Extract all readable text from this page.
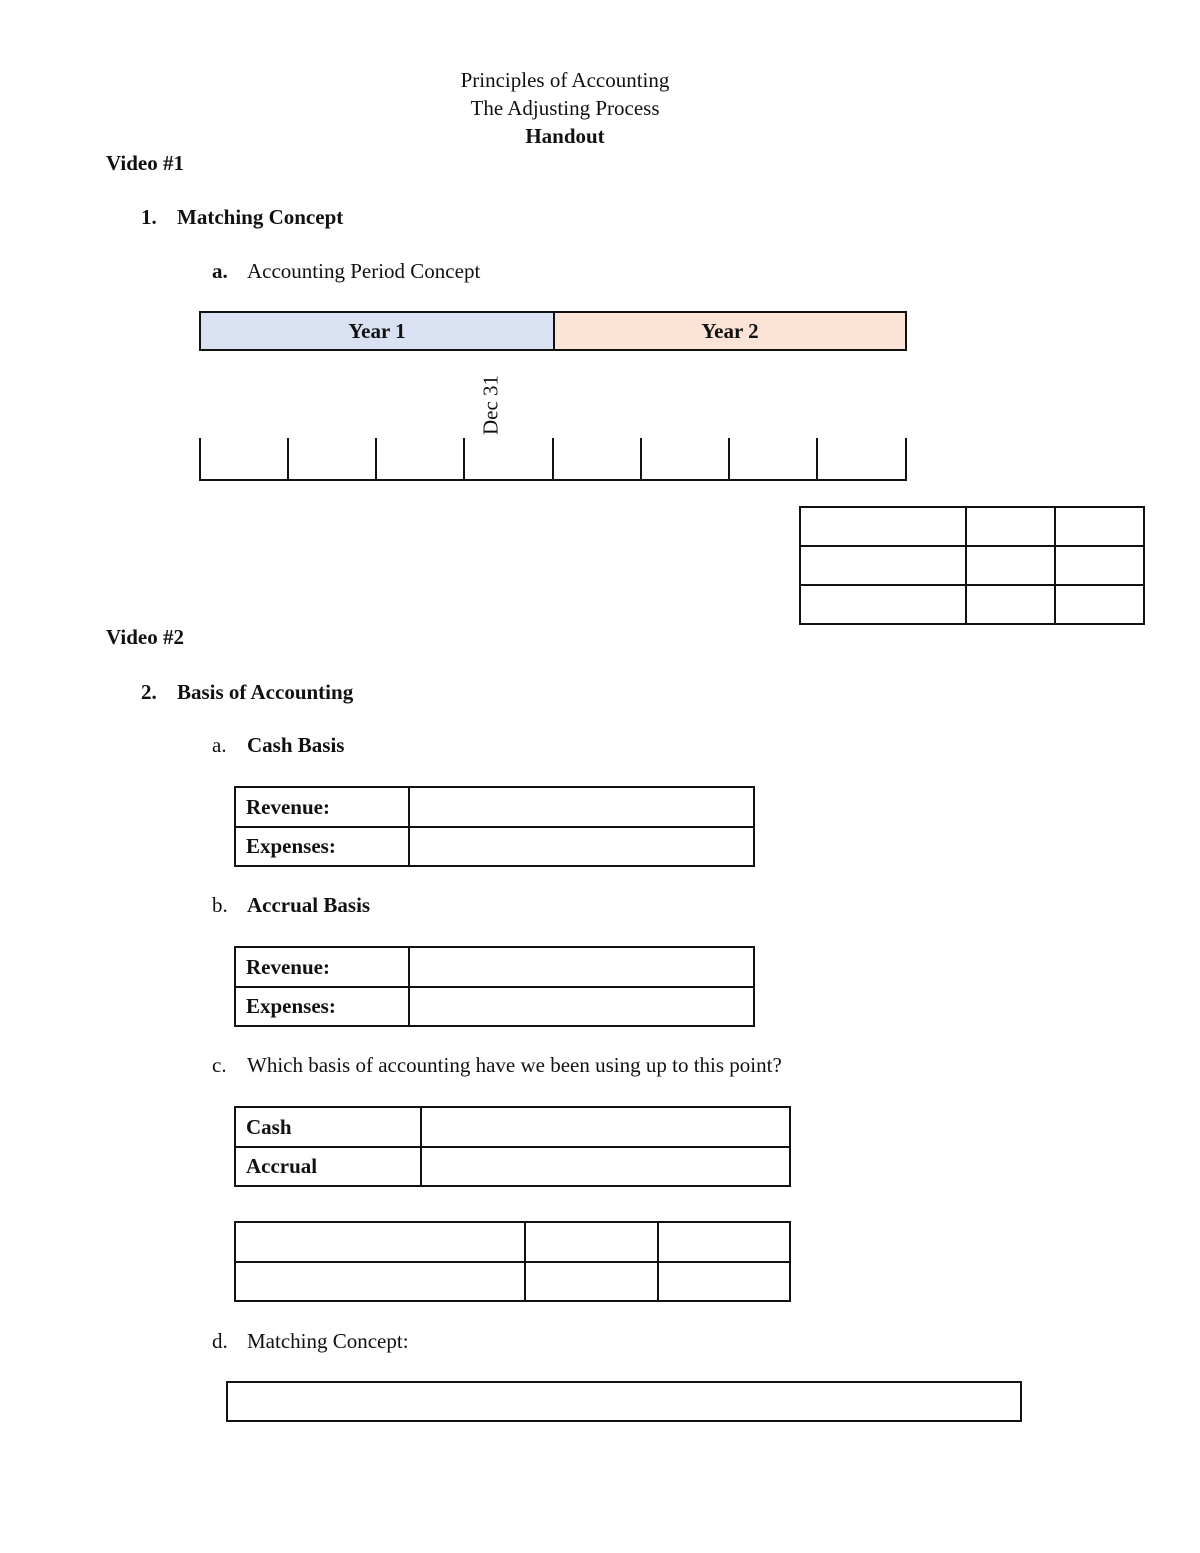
Principles of Accounting
The Adjusting Process
Handout
Video #1
1. Matching Concept
a. Accounting Period Concept
Year 1	Year 2
Dec 31

Video #2
2. Basis of Accounting
a. Cash Basis
Revenue:	
Expenses:	
b. Accrual Basis
Revenue:	
Expenses:	
c. Which basis of accounting have we been using up to this point?
Cash	
Accrual	

d. Matching Concept:
